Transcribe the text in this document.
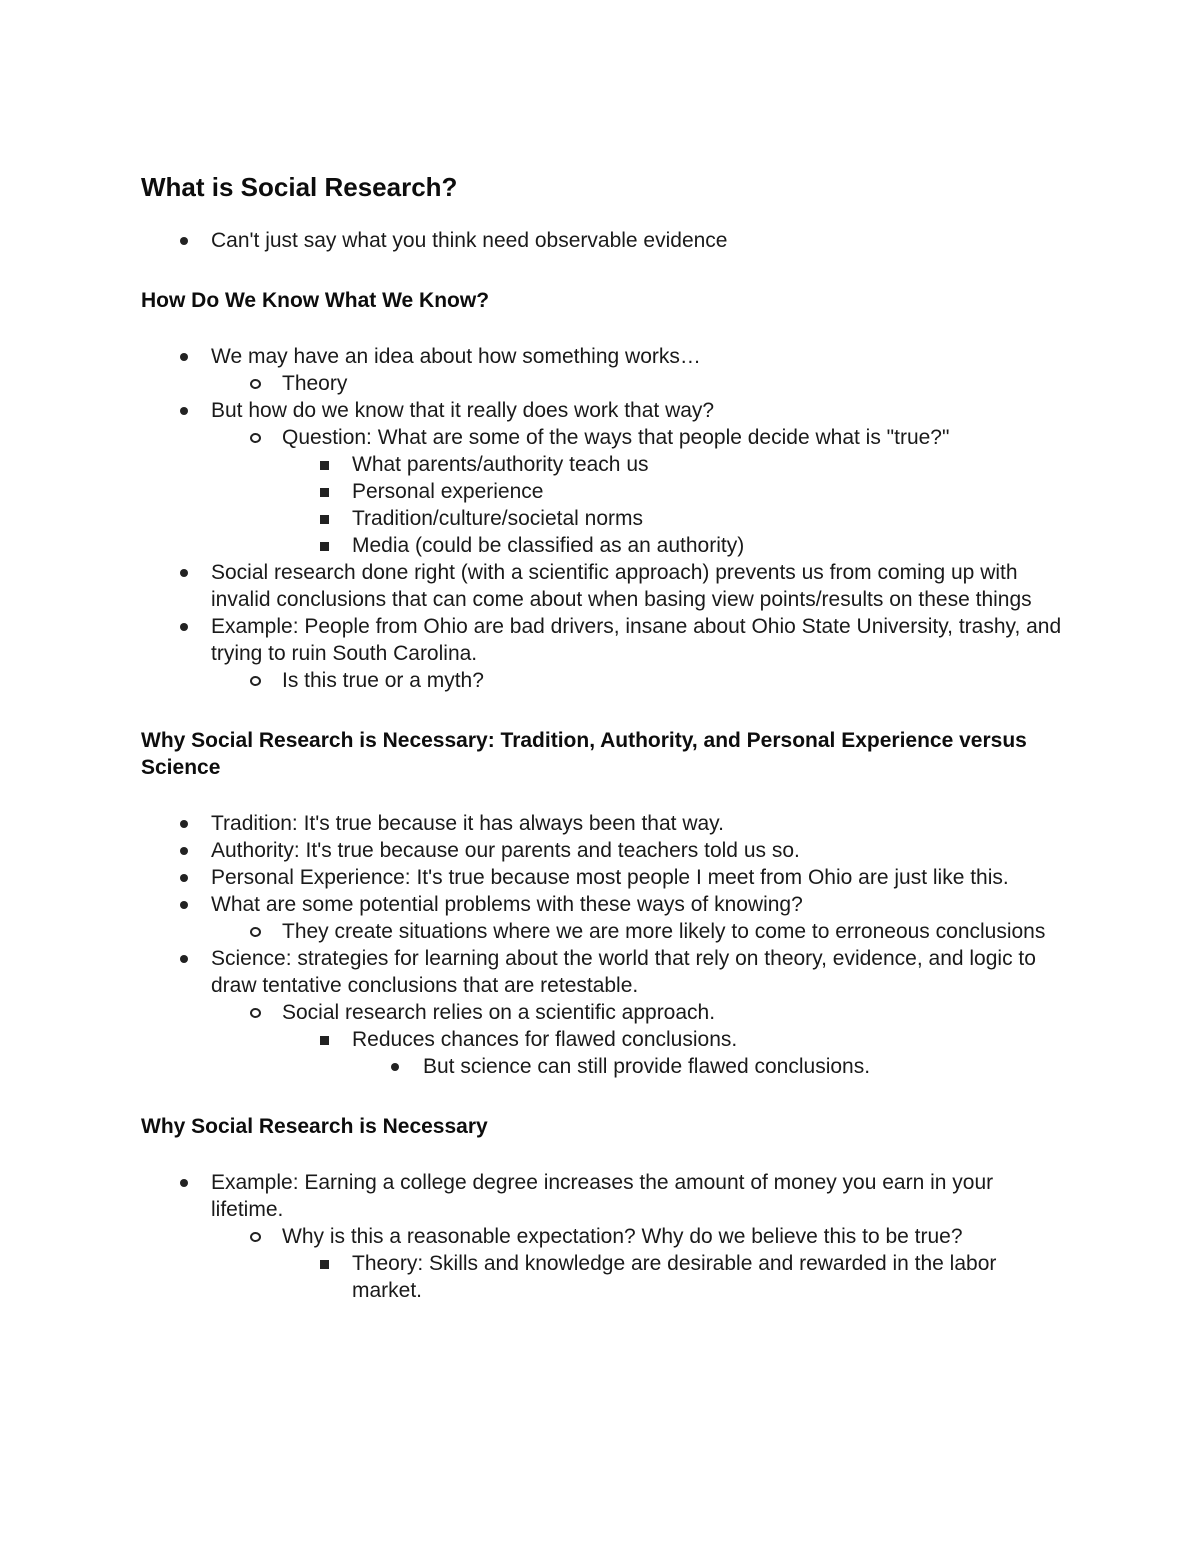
What is Social Research?
Can't just say what you think need observable evidence
How Do We Know What We Know?
We may have an idea about how something works…
Theory
But how do we know that it really does work that way?
Question: What are some of the ways that people decide what is "true?"
What parents/authority teach us
Personal experience
Tradition/culture/societal norms
Media (could be classified as an authority)
Social research done right (with a scientific approach) prevents us from coming up with invalid conclusions that can come about when basing view points/results on these things
Example: People from Ohio are bad drivers, insane about Ohio State University, trashy, and trying to ruin South Carolina.
Is this true or a myth?
Why Social Research is Necessary: Tradition, Authority, and Personal Experience versus Science
Tradition: It's true because it has always been that way.
Authority: It's true because our parents and teachers told us so.
Personal Experience: It's true because most people I meet from Ohio are just like this.
What are some potential problems with these ways of knowing?
They create situations where we are more likely to come to erroneous conclusions
Science: strategies for learning about the world that rely on theory, evidence, and logic to draw tentative conclusions that are retestable.
Social research relies on a scientific approach.
Reduces chances for flawed conclusions.
But science can still provide flawed conclusions.
Why Social Research is Necessary
Example: Earning a college degree increases the amount of money you earn in your lifetime.
Why is this a reasonable expectation? Why do we believe this to be true?
Theory: Skills and knowledge are desirable and rewarded in the labor market.
